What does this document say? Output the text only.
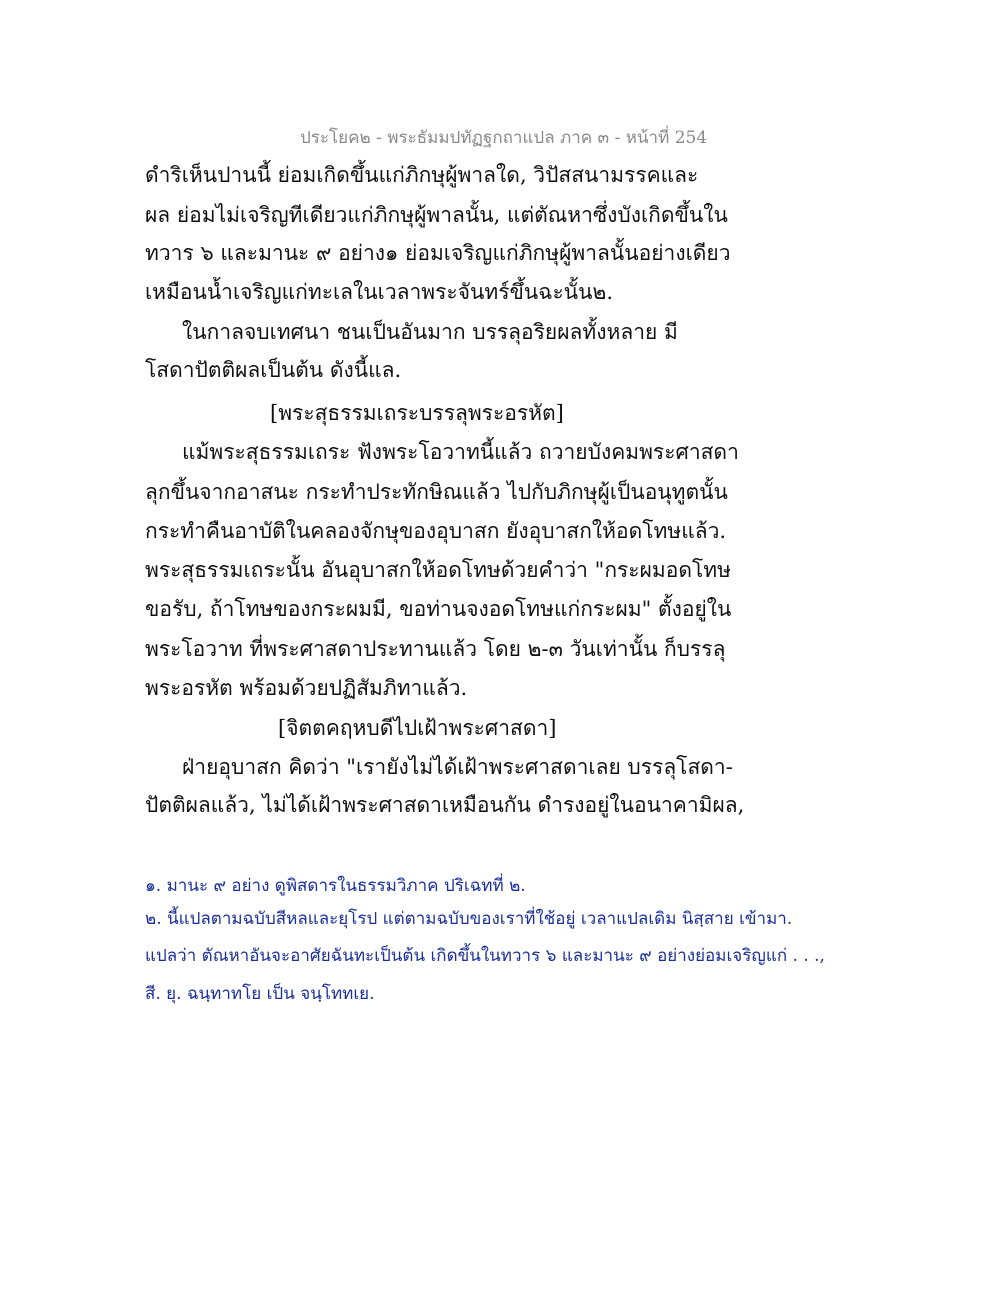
ประโยค๒ - พระธัมมปทัฏฐกถาแปล ภาค ๓ - หน้าที่ 254
ดำริเห็นปานนี้ ย่อมเกิดขึ้นแก่ภิกษุผู้พาลใด, วิปัสสนามรรคและ
ผล ย่อมไม่เจริญทีเดียวแก่ภิกษุผู้พาลนั้น, แต่ตัณหาซึ่งบังเกิดขึ้นใน
ทวาร ๖ และมานะ ๙ อย่าง๑ ย่อมเจริญแก่ภิกษุผู้พาลนั้นอย่างเดียว
เหมือนน้ำเจริญแก่ทะเลในเวลาพระจันทร์ขึ้นฉะนั้น๒.
ในกาลจบเทศนา ชนเป็นอันมาก บรรลุอริยผลทั้งหลาย มี
โสดาปัตติผลเป็นต้น ดังนี้แล.
[พระสุธรรมเถระบรรลุพระอรหัต]
แม้พระสุธรรมเถระ ฟังพระโอวาทนี้แล้ว ถวายบังคมพระศาสดา
ลุกขึ้นจากอาสนะ กระทำประทักษิณแล้ว ไปกับภิกษุผู้เป็นอนุทูตนั้น
กระทำคืนอาบัติในคลองจักษุของอุบาสก ยังอุบาสกให้อดโทษแล้ว.
พระสุธรรมเถระนั้น อันอุบาสกให้อดโทษด้วยคำว่า "กระผมอดโทษ
ขอรับ, ถ้าโทษของกระผมมี, ขอท่านจงอดโทษแก่กระผม" ตั้งอยู่ใน
พระโอวาท ที่พระศาสดาประทานแล้ว โดย ๒-๓ วันเท่านั้น ก็บรรลุ
พระอรหัต พร้อมด้วยปฏิสัมภิทาแล้ว.
[จิตตคฤหบดีไปเฝ้าพระศาสดา]
ฝ่ายอุบาสก คิดว่า "เรายังไม่ได้เฝ้าพระศาสดาเลย บรรลุโสดา-
ปัตติผลแล้ว, ไม่ได้เฝ้าพระศาสดาเหมือนกัน ดำรงอยู่ในอนาคามิผล,
๑. มานะ ๙ อย่าง ดูพิสดารในธรรมวิภาค ปริเฉทที่ ๒.
๒. นี้แปลตามฉบับสีหลและยุโรป แต่ตามฉบับของเราที่ใช้อยู่ เวลาแปลเดิม นิสฺสาย เข้ามา.
แปลว่า ตัณหาอันจะอาศัยฉันทะเป็นต้น เกิดขึ้นในทวาร ๖ และมานะ ๙ อย่างย่อมเจริญแก่ . . .,
สี. ยุ. ฉนฺทาทโย เป็น จนฺโททเย.
